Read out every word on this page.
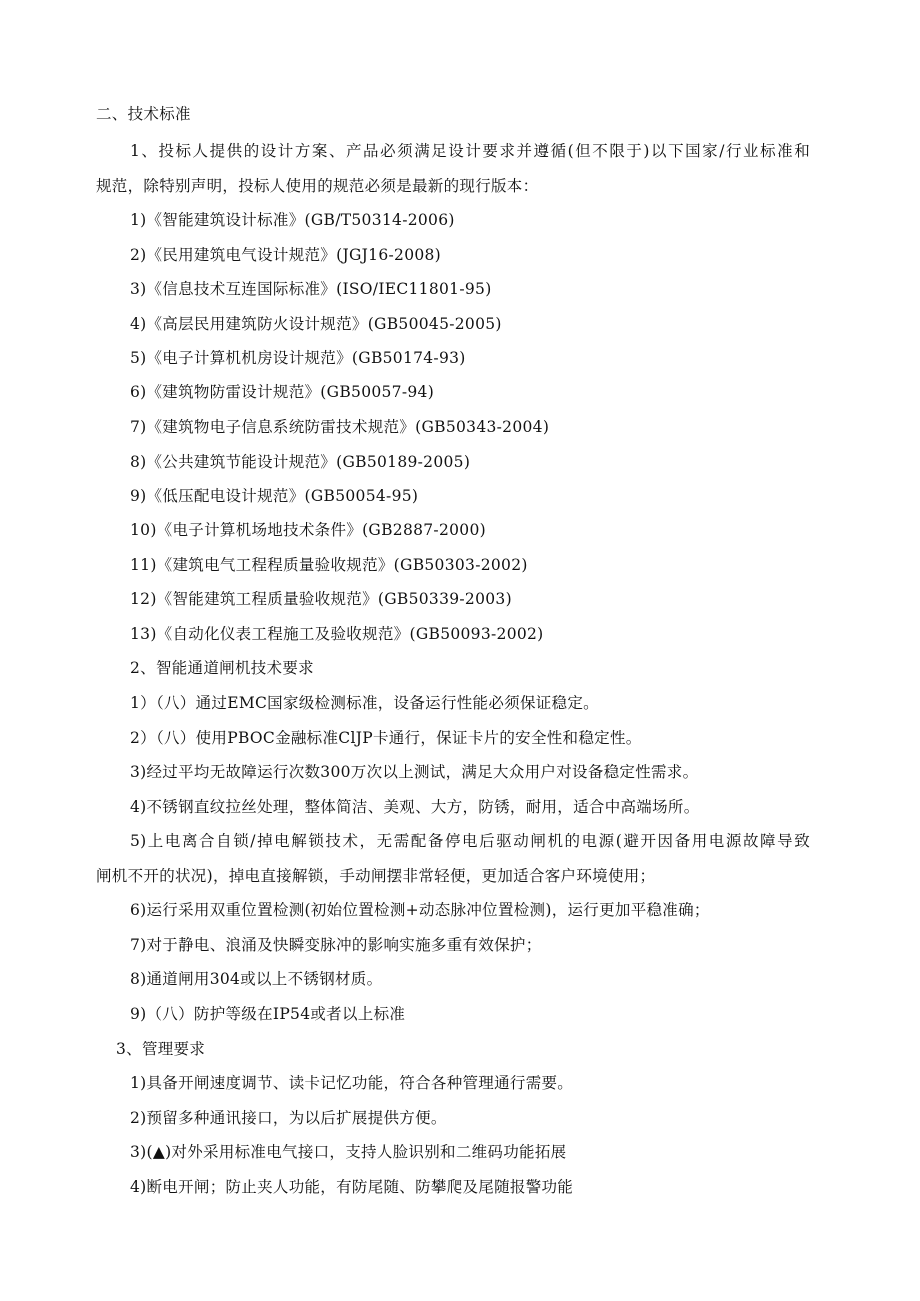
二、技术标准
1、投标人提供的设计方案、产品必须满足设计要求并遵循(但不限于)以下国家/行业标准和
规范，除特别声明，投标人使用的规范必须是最新的现行版本：
1)《智能建筑设计标准》(GB/T50314-2006)
2)《民用建筑电气设计规范》(JGJ16-2008)
3)《信息技术互连国际标准》(ISO/IEC11801-95)
4)《高层民用建筑防火设计规范》(GB50045-2005)
5)《电子计算机机房设计规范》(GB50174-93)
6)《建筑物防雷设计规范》(GB50057-94)
7)《建筑物电子信息系统防雷技术规范》(GB50343-2004)
8)《公共建筑节能设计规范》(GB50189-2005)
9)《低压配电设计规范》(GB50054-95)
10)《电子计算机场地技术条件》(GB2887-2000)
11)《建筑电气工程程质量验收规范》(GB50303-2002)
12)《智能建筑工程质量验收规范》(GB50339-2003)
13)《自动化仪表工程施工及验收规范》(GB50093-2002)
2、智能通道闸机技术要求
1）（八）通过EMC国家级检测标准，设备运行性能必须保证稳定。
2）（八）使用PBOC金融标准ClJP卡通行，保证卡片的安全性和稳定性。
3)经过平均无故障运行次数300万次以上测试，满足大众用户对设备稳定性需求。
4)不锈钢直纹拉丝处理，整体简洁、美观、大方，防锈，耐用，适合中高端场所。
5)上电离合自锁/掉电解锁技术，无需配备停电后驱动闸机的电源(避开因备用电源故障导致
闸机不开的状况)，掉电直接解锁，手动闸摆非常轻便，更加适合客户环境使用；
6)运行采用双重位置检测(初始位置检测+动态脉冲位置检测)，运行更加平稳准确；
7)对于静电、浪涌及快瞬变脉冲的影响实施多重有效保护；
8)通道闸用304或以上不锈钢材质。
9)（八）防护等级在IP54或者以上标准
3、管理要求
1)具备开闸速度调节、读卡记忆功能，符合各种管理通行需要。
2)预留多种通讯接口，为以后扩展提供方便。
3)(▲)对外采用标准电气接口，支持人脸识别和二维码功能拓展
4)断电开闸；防止夹人功能，有防尾随、防攀爬及尾随报警功能
